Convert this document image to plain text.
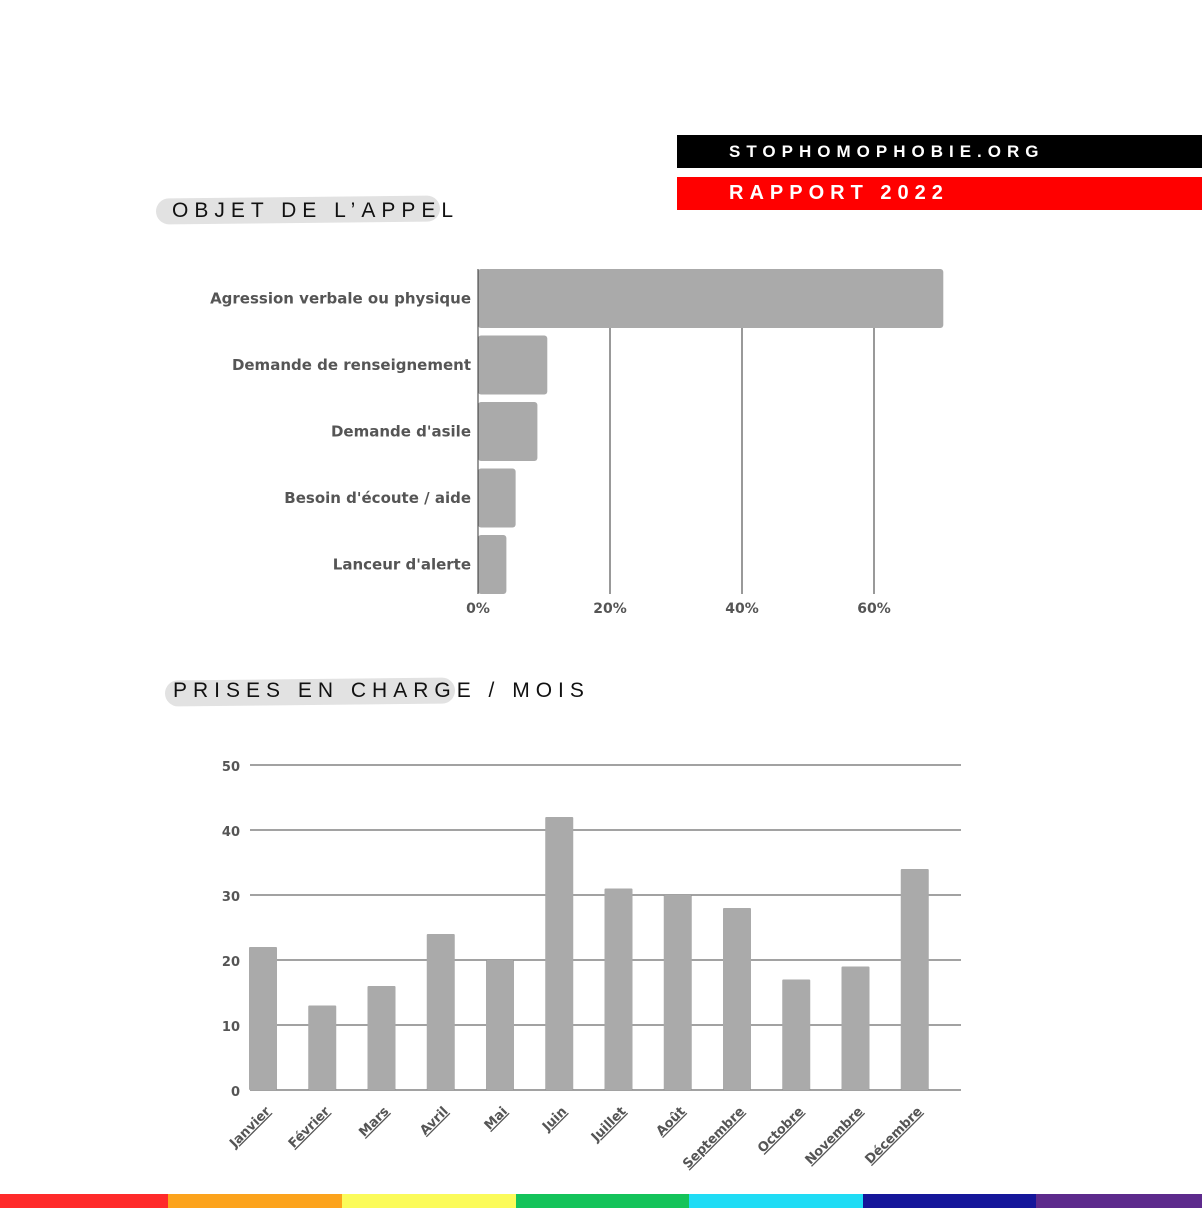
STOPHOMOPHOBIE.ORG
RAPPORT 2022
OBJET DE L’APPEL
PRISES EN CHARGE / MOIS
0%	20%	40%	60%
Agression verbale ou physique
Demande de renseignement
Demande d'asile
Besoin d'écoute / aide
Lanceur d'alerte
0
10
20
30
40
50
Janvier Février Mars Avril Mai Juin Juillet Août
Septembre Octobre
Novembre
Décembre
